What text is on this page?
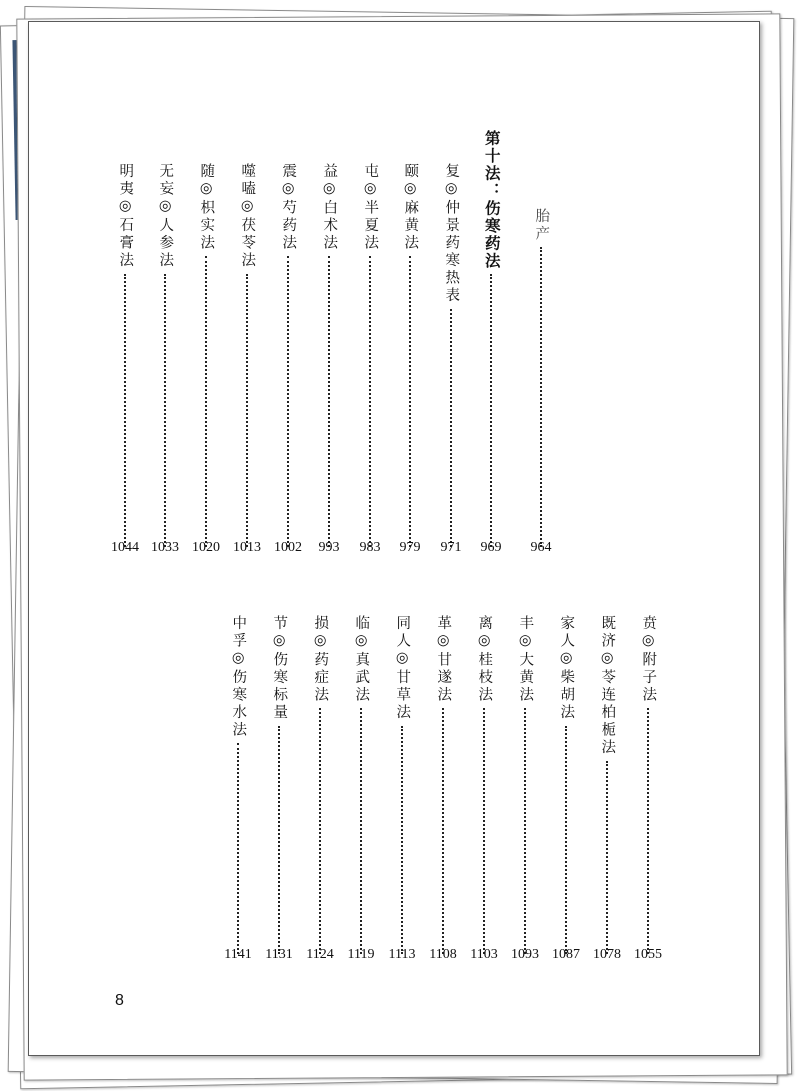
胎产
964
第十法：伤寒药法
969
复◎仲景药寒热表
971
颐◎麻黄法
979
屯◎半夏法
983
益◎白术法
993
震◎芍药法
1002
噬嗑◎茯苓法
1013
随◎枳实法
1020
无妄◎人参法
1033
明夷◎石膏法
1044
贲◎附子法
1055
既济◎苓连柏栀法
1078
家人◎柴胡法
1087
丰◎大黄法
1093
离◎桂枝法
1103
革◎甘遂法
1108
同人◎甘草法
1113
临◎真武法
1119
损◎药症法
1124
节◎伤寒标量
1131
中孚◎伤寒水法
1141
8
